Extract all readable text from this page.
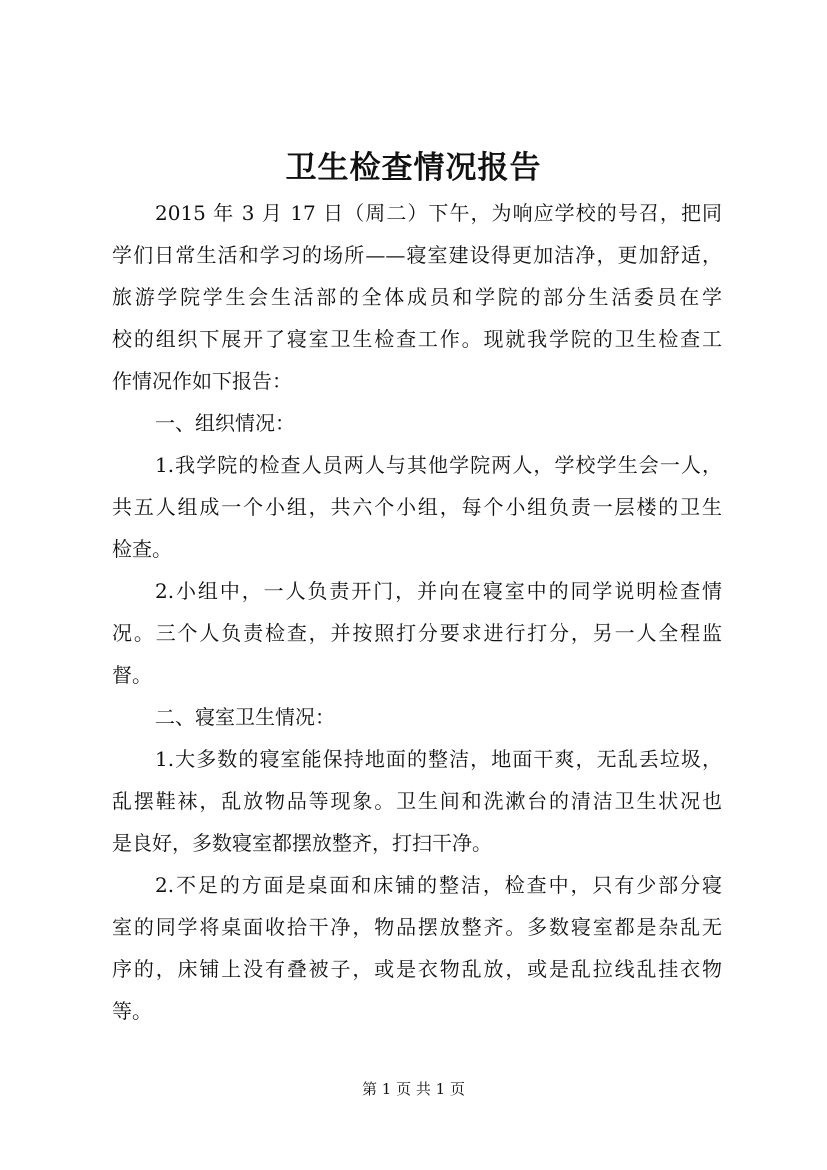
卫生检查情况报告

2015 年 3 月 17 日（周二）下午，为响应学校的号召，把同

学们日常生活和学习的场所——寝室建设得更加洁净，更加舒适，

旅游学院学生会生活部的全体成员和学院的部分生活委员在学

校的组织下展开了寝室卫生检查工作。现就我学院的卫生检查工

作情况作如下报告：

一、组织情况：

1.我学院的检查人员两人与其他学院两人，学校学生会一人，

共五人组成一个小组，共六个小组，每个小组负责一层楼的卫生

检查。

2.小组中，一人负责开门，并向在寝室中的同学说明检查情

况。三个人负责检查，并按照打分要求进行打分，另一人全程监

督。

二、寝室卫生情况：

1.大多数的寝室能保持地面的整洁，地面干爽，无乱丢垃圾，

乱摆鞋袜，乱放物品等现象。卫生间和洗漱台的清洁卫生状况也

是良好，多数寝室都摆放整齐，打扫干净。

2.不足的方面是桌面和床铺的整洁，检查中，只有少部分寝

室的同学将桌面收拾干净，物品摆放整齐。多数寝室都是杂乱无

序的，床铺上没有叠被子，或是衣物乱放，或是乱拉线乱挂衣物

等。

第 1 页 共 1 页
